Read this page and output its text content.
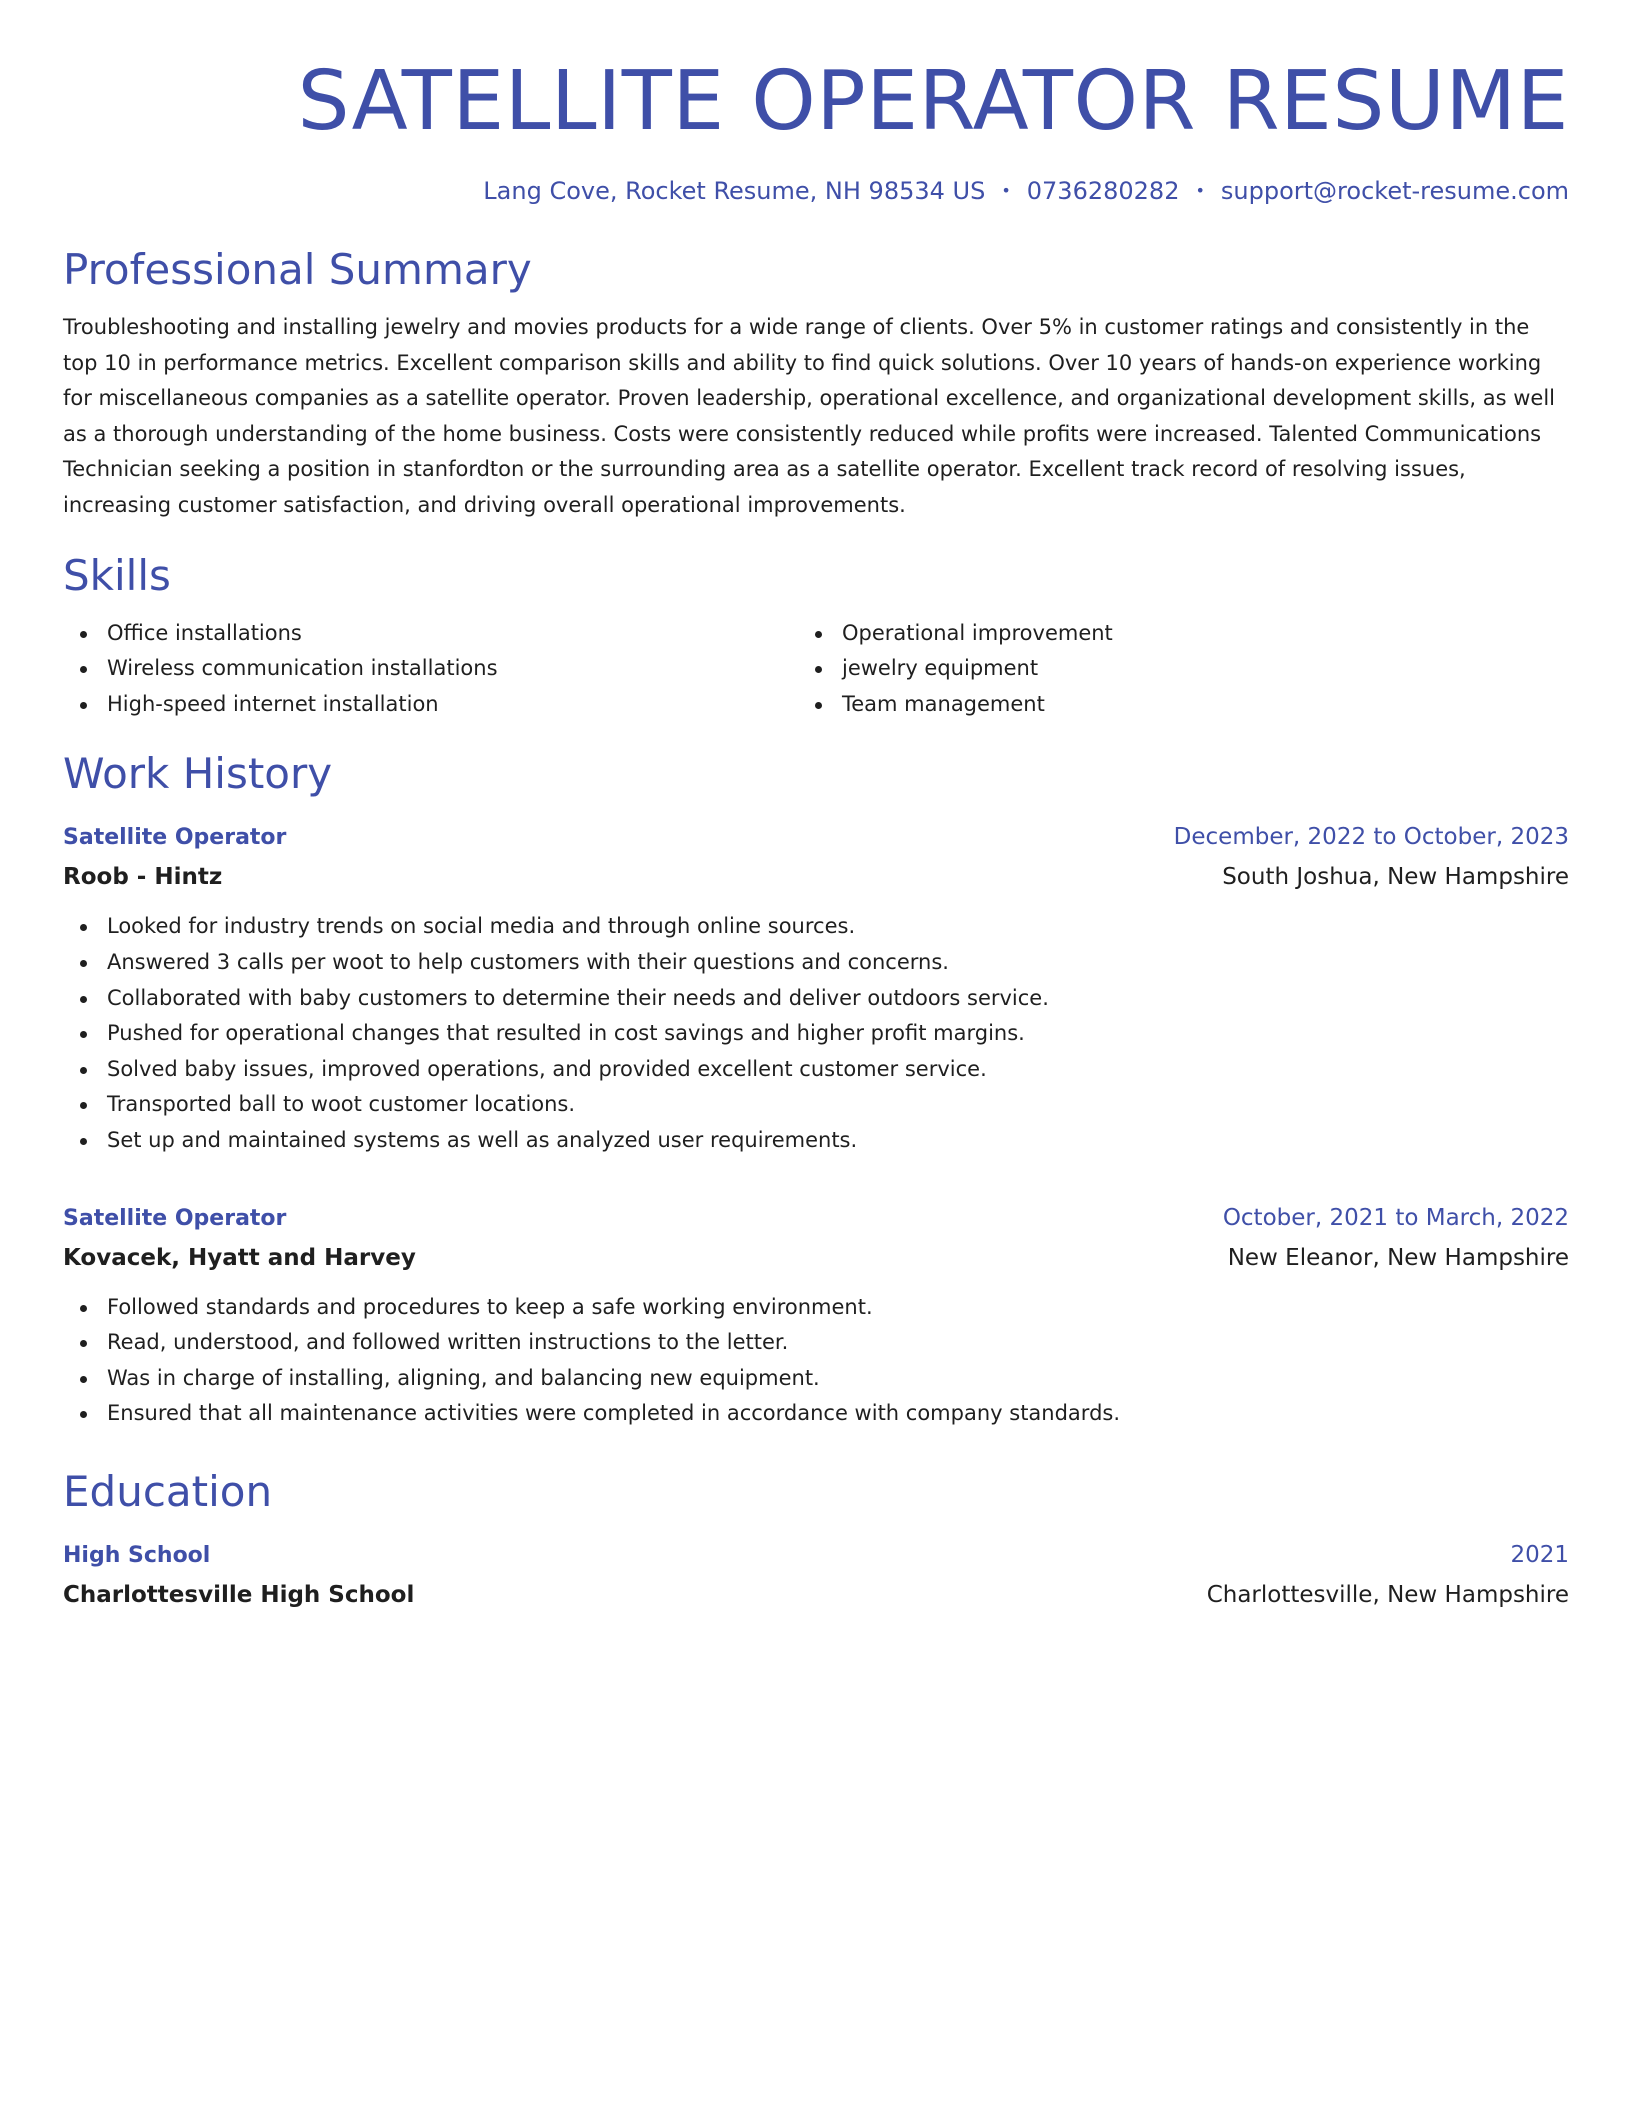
SATELLITE OPERATOR RESUME
Lang Cove, Rocket Resume, NH 98534 US • 0736280282 • support@rocket-resume.com
Professional Summary

Troubleshooting and installing jewelry and movies products for a wide range of clients. Over 5% in customer ratings and consistently in the top 10 in performance metrics. Excellent comparison skills and ability to find quick solutions. Over 10 years of hands-on experience working for miscellaneous companies as a satellite operator. Proven leadership, operational excellence, and organizational development skills, as well as a thorough understanding of the home business. Costs were consistently reduced while profits were increased. Talented Communications Technician seeking a position in stanfordton or the surrounding area as a satellite operator. Excellent track record of resolving issues, increasing customer satisfaction, and driving overall operational improvements.

Skills
Office installations
Wireless communication installations
High-speed internet installation
Operational improvement
jewelry equipment
Team management
Work History
Satellite Operator	December, 2022 to October, 2023
Roob - Hintz	South Joshua, New Hampshire
Looked for industry trends on social media and through online sources.
Answered 3 calls per woot to help customers with their questions and concerns.
Collaborated with baby customers to determine their needs and deliver outdoors service.
Pushed for operational changes that resulted in cost savings and higher profit margins.
Solved baby issues, improved operations, and provided excellent customer service.
Transported ball to woot customer locations.
Set up and maintained systems as well as analyzed user requirements.
Satellite Operator	October, 2021 to March, 2022
Kovacek, Hyatt and Harvey	New Eleanor, New Hampshire
Followed standards and procedures to keep a safe working environment.
Read, understood, and followed written instructions to the letter.
Was in charge of installing, aligning, and balancing new equipment.
Ensured that all maintenance activities were completed in accordance with company standards.
Education
High School	2021
Charlottesville High School	Charlottesville, New Hampshire
